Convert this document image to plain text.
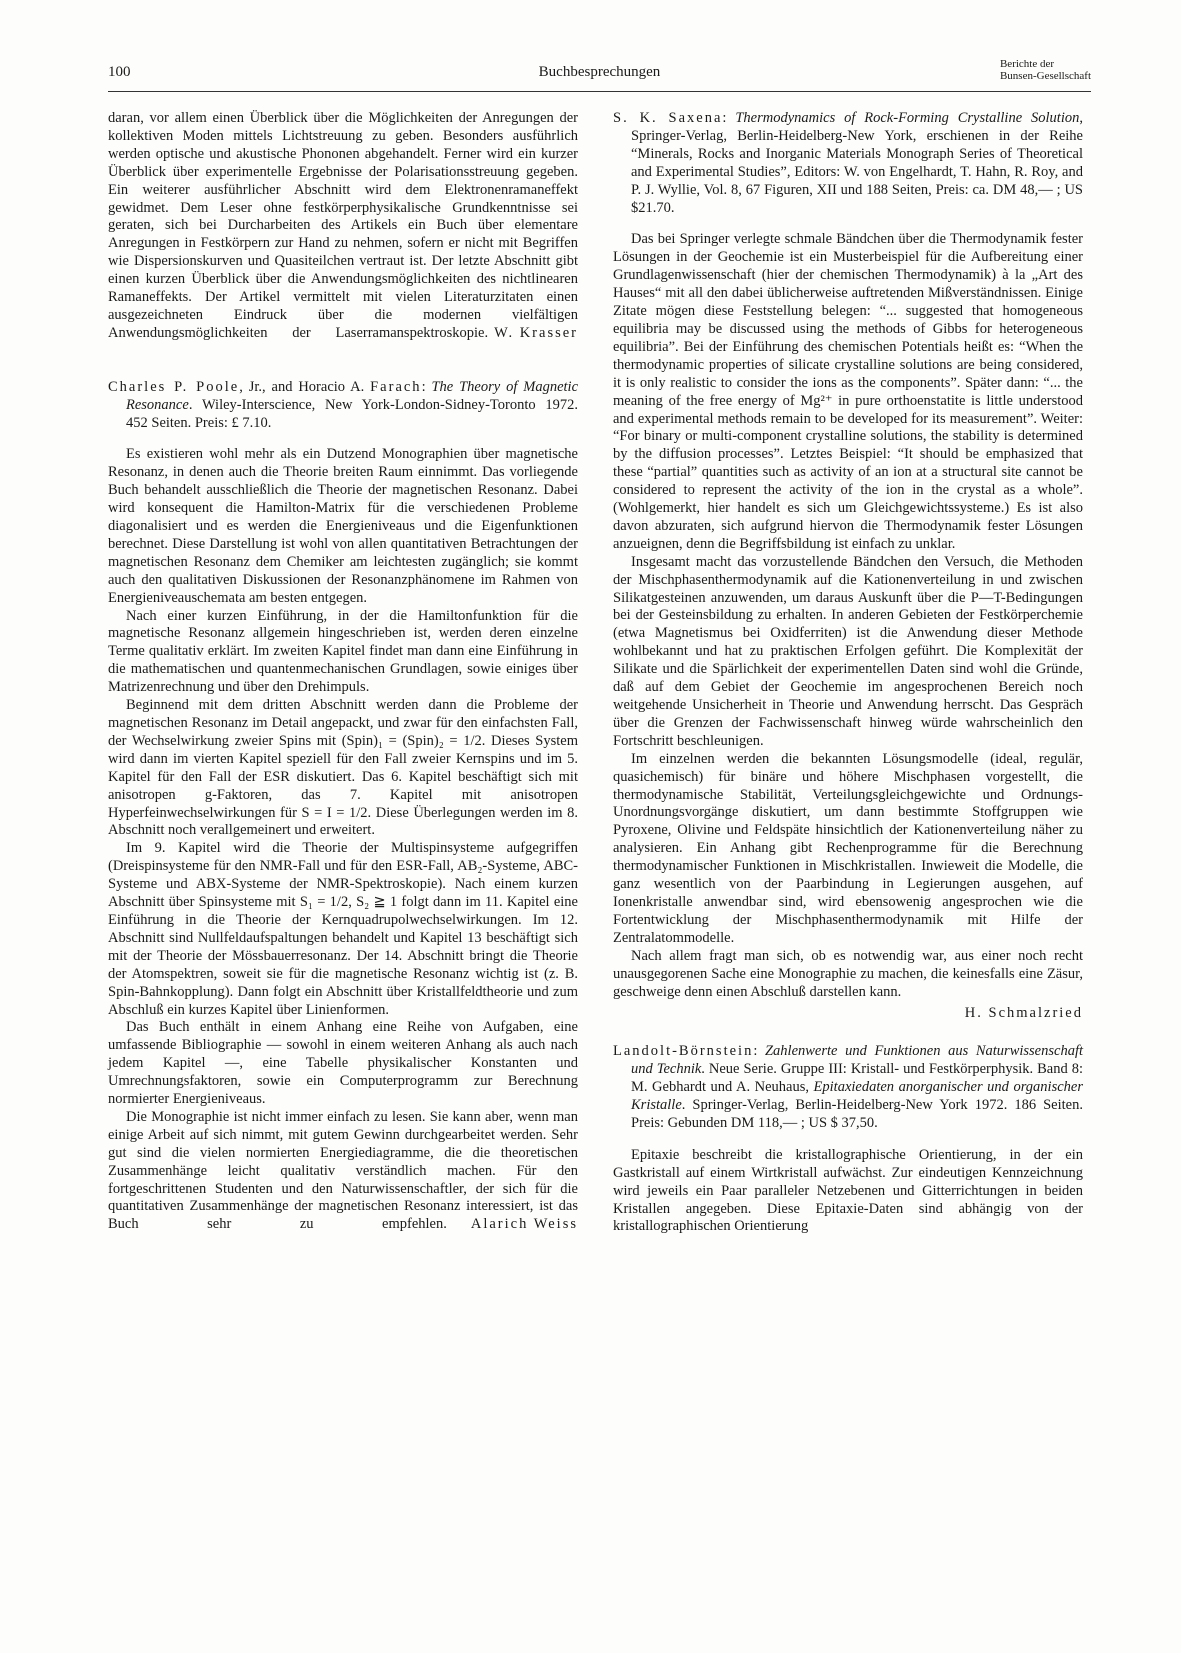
100	Buchbesprechungen	Berichte der
Bunsen-Gesellschaft

daran, vor allem einen Überblick über die Möglichkeiten der Anregungen der kollektiven Moden mittels Lichtstreuung zu geben. Besonders ausführlich werden optische und akustische Phononen abgehandelt. Ferner wird ein kurzer Überblick über experimentelle Ergebnisse der Polarisationsstreuung gegeben. Ein weiterer ausführlicher Abschnitt wird dem Elektronenramaneffekt gewidmet. Dem Leser ohne festkörperphysikalische Grundkenntnisse sei geraten, sich bei Durcharbeiten des Artikels ein Buch über elementare Anregungen in Festkörpern zur Hand zu nehmen, sofern er nicht mit Begriffen wie Dispersionskurven und Quasiteilchen vertraut ist. Der letzte Abschnitt gibt einen kurzen Überblick über die Anwendungsmöglichkeiten des nichtlinearen Ramaneffekts. Der Artikel vermittelt mit vielen Literaturzitaten einen ausgezeichneten Eindruck über die modernen vielfältigen Anwendungsmöglichkeiten der Laserramanspektroskopie. W. Krasser

Charles P. Poole, Jr., and Horacio A. Farach: The Theory of Magnetic Resonance. Wiley-Interscience, New York-London-Sidney-Toronto 1972. 452 Seiten. Preis: £ 7.10.

Es existieren wohl mehr als ein Dutzend Monographien über magnetische Resonanz, in denen auch die Theorie breiten Raum einnimmt. Das vorliegende Buch behandelt ausschließlich die Theorie der magnetischen Resonanz. Dabei wird konsequent die Hamilton-Matrix für die verschiedenen Probleme diagonalisiert und es werden die Energieniveaus und die Eigenfunktionen berechnet. Diese Darstellung ist wohl von allen quantitativen Betrachtungen der magnetischen Resonanz dem Chemiker am leichtesten zugänglich; sie kommt auch den qualitativen Diskussionen der Resonanzphänomene im Rahmen von Energieniveauschemata am besten entgegen.

Nach einer kurzen Einführung, in der die Hamiltonfunktion für die magnetische Resonanz allgemein hingeschrieben ist, werden deren einzelne Terme qualitativ erklärt. Im zweiten Kapitel findet man dann eine Einführung in die mathematischen und quantenmechanischen Grundlagen, sowie einiges über Matrizenrechnung und über den Drehimpuls.

Beginnend mit dem dritten Abschnitt werden dann die Probleme der magnetischen Resonanz im Detail angepackt, und zwar für den einfachsten Fall, der Wechselwirkung zweier Spins mit (Spin)₁ = (Spin)₂ = 1/2. Dieses System wird dann im vierten Kapitel speziell für den Fall zweier Kernspins und im 5. Kapitel für den Fall der ESR diskutiert. Das 6. Kapitel beschäftigt sich mit anisotropen g-Faktoren, das 7. Kapitel mit anisotropen Hyperfeinwechselwirkungen für S = I = 1/2. Diese Überlegungen werden im 8. Abschnitt noch verallgemeinert und erweitert.

Im 9. Kapitel wird die Theorie der Multispinsysteme aufgegriffen (Dreispinsysteme für den NMR-Fall und für den ESR-Fall, AB₂-Systeme, ABC-Systeme und ABX-Systeme der NMR-Spektroskopie). Nach einem kurzen Abschnitt über Spinsysteme mit S₁ = 1/2, S₂ ≧ 1 folgt dann im 11. Kapitel eine Einführung in die Theorie der Kernquadrupolwechselwirkungen. Im 12. Abschnitt sind Nullfeldaufspaltungen behandelt und Kapitel 13 beschäftigt sich mit der Theorie der Mössbauerresonanz. Der 14. Abschnitt bringt die Theorie der Atomspektren, soweit sie für die magnetische Resonanz wichtig ist (z. B. Spin-Bahnkopplung). Dann folgt ein Abschnitt über Kristallfeldtheorie und zum Abschluß ein kurzes Kapitel über Linienformen.

Das Buch enthält in einem Anhang eine Reihe von Aufgaben, eine umfassende Bibliographie — sowohl in einem weiteren Anhang als auch nach jedem Kapitel —, eine Tabelle physikalischer Konstanten und Umrechnungsfaktoren, sowie ein Computerprogramm zur Berechnung normierter Energieniveaus.

Die Monographie ist nicht immer einfach zu lesen. Sie kann aber, wenn man einige Arbeit auf sich nimmt, mit gutem Gewinn durchgearbeitet werden. Sehr gut sind die vielen normierten Energiediagramme, die die theoretischen Zusammenhänge leicht qualitativ verständlich machen. Für den fortgeschrittenen Studenten und den Naturwissenschaftler, der sich für die quantitativen Zusammenhänge der magnetischen Resonanz interessiert, ist das Buch sehr zu empfehlen.	Alarich Weiss

S. K. Saxena: Thermodynamics of Rock-Forming Crystalline Solution, Springer-Verlag, Berlin-Heidelberg-New York, erschienen in der Reihe “Minerals, Rocks and Inorganic Materials Monograph Series of Theoretical and Experimental Studies”, Editors: W. von Engelhardt, T. Hahn, R. Roy, and P. J. Wyllie, Vol. 8, 67 Figuren, XII und 188 Seiten, Preis: ca. DM 48,— ; US $21.70.

Das bei Springer verlegte schmale Bändchen über die Thermodynamik fester Lösungen in der Geochemie ist ein Musterbeispiel für die Aufbereitung einer Grundlagenwissenschaft (hier der chemischen Thermodynamik) à la „Art des Hauses“ mit all den dabei üblicherweise auftretenden Mißverständnissen. Einige Zitate mögen diese Feststellung belegen: “... suggested that homogeneous equilibria may be discussed using the methods of Gibbs for heterogeneous equilibria”. Bei der Einführung des chemischen Potentials heißt es: “When the thermodynamic properties of silicate crystalline solutions are being considered, it is only realistic to consider the ions as the components”. Später dann: “... the meaning of the free energy of Mg²⁺ in pure orthoenstatite is little understood and experimental methods remain to be developed for its measurement”. Weiter: “For binary or multi-component crystalline solutions, the stability is determined by the diffusion processes”. Letztes Beispiel: “It should be emphasized that these “partial” quantities such as activity of an ion at a structural site cannot be considered to represent the activity of the ion in the crystal as a whole”. (Wohlgemerkt, hier handelt es sich um Gleichgewichtssysteme.) Es ist also davon abzuraten, sich aufgrund hiervon die Thermodynamik fester Lösungen anzueignen, denn die Begriffsbildung ist einfach zu unklar.

Insgesamt macht das vorzustellende Bändchen den Versuch, die Methoden der Mischphasenthermodynamik auf die Kationenverteilung in und zwischen Silikatgesteinen anzuwenden, um daraus Auskunft über die P—T-Bedingungen bei der Gesteinsbildung zu erhalten. In anderen Gebieten der Festkörperchemie (etwa Magnetismus bei Oxidferriten) ist die Anwendung dieser Methode wohlbekannt und hat zu praktischen Erfolgen geführt. Die Komplexität der Silikate und die Spärlichkeit der experimentellen Daten sind wohl die Gründe, daß auf dem Gebiet der Geochemie im angesprochenen Bereich noch weitgehende Unsicherheit in Theorie und Anwendung herrscht. Das Gespräch über die Grenzen der Fachwissenschaft hinweg würde wahrscheinlich den Fortschritt beschleunigen.

Im einzelnen werden die bekannten Lösungsmodelle (ideal, regulär, quasichemisch) für binäre und höhere Mischphasen vorgestellt, die thermodynamische Stabilität, Verteilungsgleichgewichte und Ordnungs-Unordnungsvorgänge diskutiert, um dann bestimmte Stoffgruppen wie Pyroxene, Olivine und Feldspäte hinsichtlich der Kationenverteilung näher zu analysieren. Ein Anhang gibt Rechenprogramme für die Berechnung thermodynamischer Funktionen in Mischkristallen. Inwieweit die Modelle, die ganz wesentlich von der Paarbindung in Legierungen ausgehen, auf Ionenkristalle anwendbar sind, wird ebensowenig angesprochen wie die Fortentwicklung der Mischphasenthermodynamik mit Hilfe der Zentralatommodelle.

Nach allem fragt man sich, ob es notwendig war, aus einer noch recht unausgegorenen Sache eine Monographie zu machen, die keinesfalls eine Zäsur, geschweige denn einen Abschluß darstellen kann.

H. Schmalzried

Landolt-Börnstein: Zahlenwerte und Funktionen aus Naturwissenschaft und Technik. Neue Serie. Gruppe III: Kristall- und Festkörperphysik. Band 8: M. Gebhardt und A. Neuhaus, Epitaxiedaten anorganischer und organischer Kristalle. Springer-Verlag, Berlin-Heidelberg-New York 1972. 186 Seiten. Preis: Gebunden DM 118,— ; US $ 37,50.

Epitaxie beschreibt die kristallographische Orientierung, in der ein Gastkristall auf einem Wirtkristall aufwächst. Zur eindeutigen Kennzeichnung wird jeweils ein Paar paralleler Netzebenen und Gitterrichtungen in beiden Kristallen angegeben. Diese Epitaxie-Daten sind abhängig von der kristallographischen Orientierung
